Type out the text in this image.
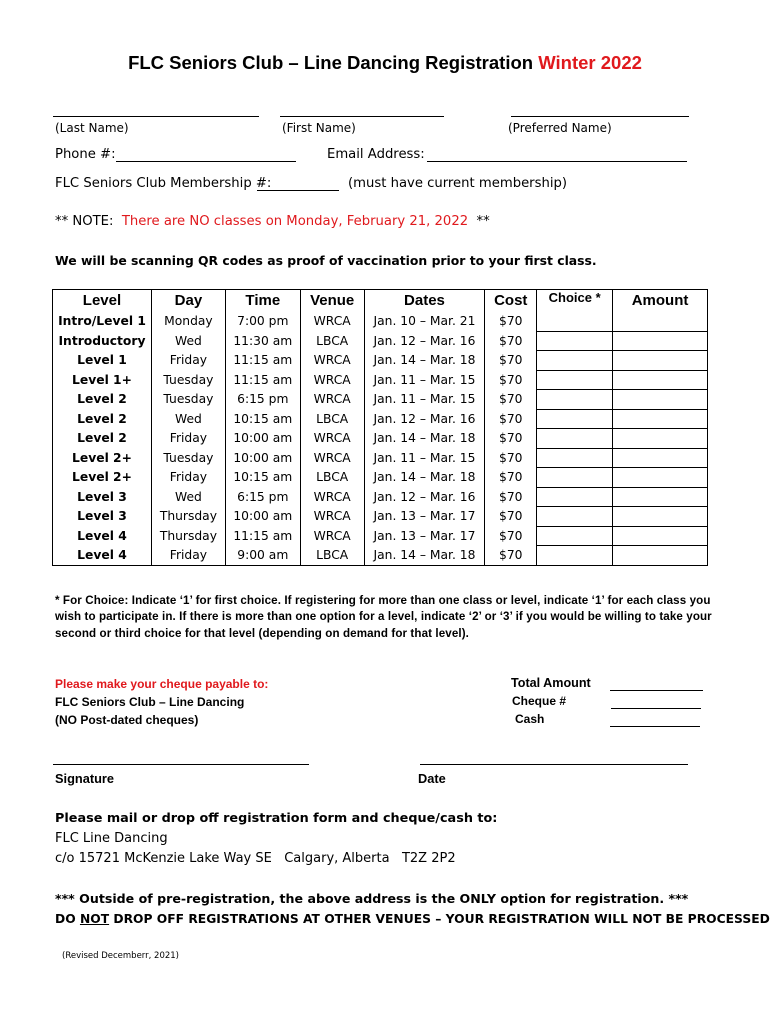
FLC Seniors Club – Line Dancing Registration Winter 2022
(Last Name)	(First Name)	(Preferred Name)
Phone #:	Email Address:
FLC Seniors Club Membership #:	(must have current membership)
** NOTE: There are NO classes on Monday, February 21, 2022 **
We will be scanning QR codes as proof of vaccination prior to your first class.
Level	Day	Time	Venue	Dates	Cost	Choice *	Amount
Intro/Level 1	Monday	7:00 pm	WRCA	Jan. 10 – Mar. 21	$70		
Introductory	Wed	11:30 am	LBCA	Jan. 12 – Mar. 16	$70		
Level 1	Friday	11:15 am	WRCA	Jan. 14 – Mar. 18	$70		
Level 1+	Tuesday	11:15 am	WRCA	Jan. 11 – Mar. 15	$70		
Level 2	Tuesday	6:15 pm	WRCA	Jan. 11 – Mar. 15	$70		
Level 2	Wed	10:15 am	LBCA	Jan. 12 – Mar. 16	$70		
Level 2	Friday	10:00 am	WRCA	Jan. 14 – Mar. 18	$70		
Level 2+	Tuesday	10:00 am	WRCA	Jan. 11 – Mar. 15	$70		
Level 2+	Friday	10:15 am	LBCA	Jan. 14 – Mar. 18	$70		
Level 3	Wed	6:15 pm	WRCA	Jan. 12 – Mar. 16	$70		
Level 3	Thursday	10:00 am	WRCA	Jan. 13 – Mar. 17	$70		
Level 4	Thursday	11:15 am	WRCA	Jan. 13 – Mar. 17	$70		
Level 4	Friday	9:00 am	LBCA	Jan. 14 – Mar. 18	$70		
* For Choice: Indicate ‘1’ for first choice. If registering for more than one class or level, indicate ‘1’ for each class you wish to participate in. If there is more than one option for a level, indicate ‘2’ or ‘3’ if you would be willing to take your second or third choice for that level (depending on demand for that level).
Please make your cheque payable to:
FLC Seniors Club – Line Dancing
(NO Post-dated cheques)
Total Amount
Cheque #
Cash
Signature	Date
Please mail or drop off registration form and cheque/cash to:
FLC Line Dancing
c/o 15721 McKenzie Lake Way SE   Calgary, Alberta   T2Z 2P2
*** Outside of pre-registration, the above address is the ONLY option for registration. ***
DO NOT DROP OFF REGISTRATIONS AT OTHER VENUES – YOUR REGISTRATION WILL NOT BE PROCESSED
(Revised Decemberr, 2021)
